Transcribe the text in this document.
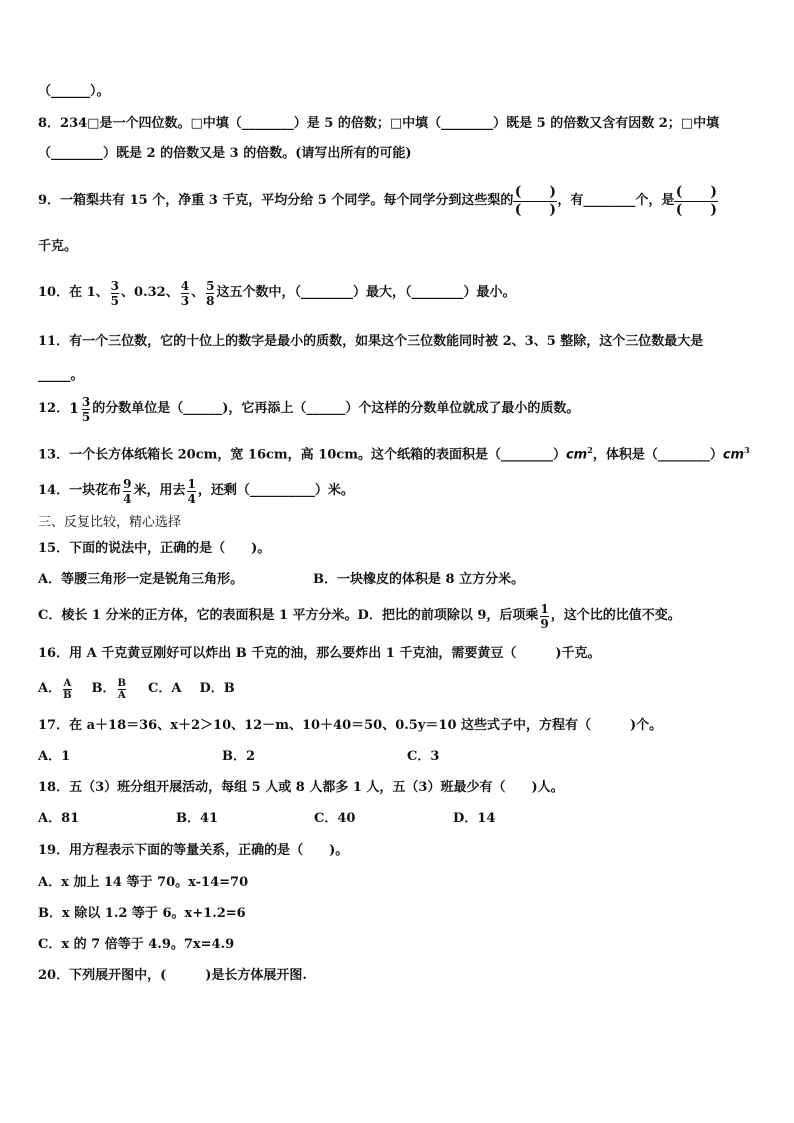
（______）。
8．234□是一个四位数。□中填（________）是 5 的倍数；□中填（________）既是 5 的倍数又含有因数 2；□中填
（________）既是 2 的倍数又是 3 的倍数。(请写出所有的可能)
9．一箱梨共有 15 个，净重 3 千克，平均分给 5 个同学。每个同学分到这些梨的 $\frac{( )}{( )}$ ，有________个，是 $\frac{( )}{( )}$
千克。
10．在 1、 $\frac{3}{5}$ 、0.32、 $\frac{4}{3}$ 、 $\frac{5}{8}$ 这五个数中，（________）最大，（________）最小。
11．有一个三位数，它的十位上的数字是最小的质数，如果这个三位数能同时被 2、3、5 整除，这个三位数最大是
_____。
12． $1 \frac{3}{5}$ 的分数单位是（______)，它再添上（______）个这样的分数单位就成了最小的质数。
13．一个长方体纸箱长 20cm，宽 16cm，高 10cm。这个纸箱的表面积是$(\_\_\_\_\_\_\_\_)cm^2$，体积是$(\_\_\_\_\_\_\_\_)cm^3$
14．一块花布 $\frac{9}{4}$ 米，用去 $\frac{1}{4}$ ，还剩（__________）米。
三、反复比较，精心选择
15．下面的说法中，正确的是（　　)。
A．等腰三角形一定是锐角三角形。	B．一块橡皮的体积是 8 立方分米。
C．棱长 1 分米的正方体，它的表面积是 1 平方分米。D．把比的前项除以 9，后项乘 $\frac{1}{9}$ ，这个比的比值不变。
16．用 A 千克黄豆刚好可以炸出 B 千克的油，那么要炸出 1 千克油，需要黄豆（　　　)千克。
A． $\frac{A}{B}$ B． $\frac{B}{A}$ C．A D．B
17．在 a＋18＝36、x＋2＞10、12－m、10＋40＝50、0.5y＝10 这些式子中，方程有（　　　)个。
A．1	B．2	C．3
18．五（3）班分组开展活动，每组 5 人或 8 人都多 1 人，五（3）班最少有（　　)人。
A．81	B．41	C．40	D．14
19．用方程表示下面的等量关系，正确的是（　　)。
A．x 加上 14 等于 70。x-14=70
B．x 除以 1.2 等于 6。x+1.2=6
C．x 的 7 倍等于 4.9。7x=4.9
20．下列展开图中，(　　　)是长方体展开图.
